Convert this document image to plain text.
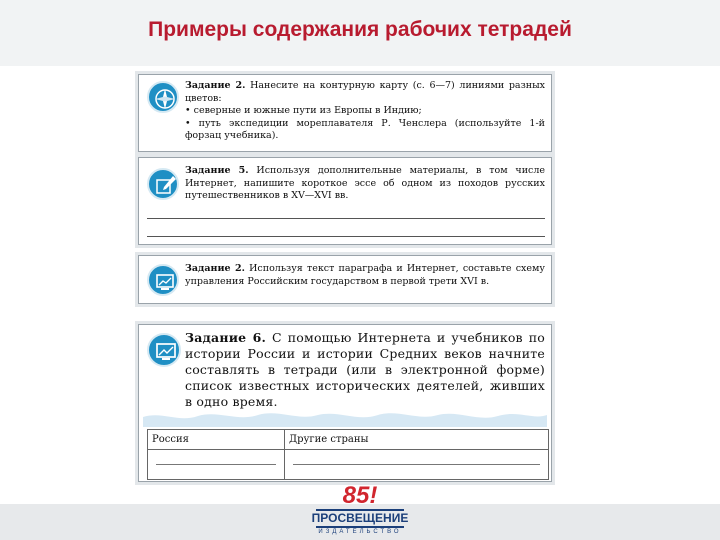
Примеры содержания рабочих тетрадей
Задание 2. Нанесите на контурную карту (с. 6—7) линиями разных цветов:
• северные и южные пути из Европы в Индию;
• путь экспедиции мореплавателя Р. Ченслера (используйте 1-й форзац учебника).
Задание 5. Используя дополнительные материалы, в том числе Интернет, напишите короткое эссе об одном из походов русских путешественников в XV—XVI вв.
Задание 2. Используя текст параграфа и Интернет, составьте схему управления Российским государством в первой трети XVI в.
Задание 6. С помощью Интернета и учебников по истории России и истории Средних веков начните составлять в тетради (или в электронной форме) список известных исторических деятелей, живших в одно время.
Россия	Другие страны

85!
ПРОСВЕЩЕНИЕ
ИЗДАТЕЛЬСТВО
